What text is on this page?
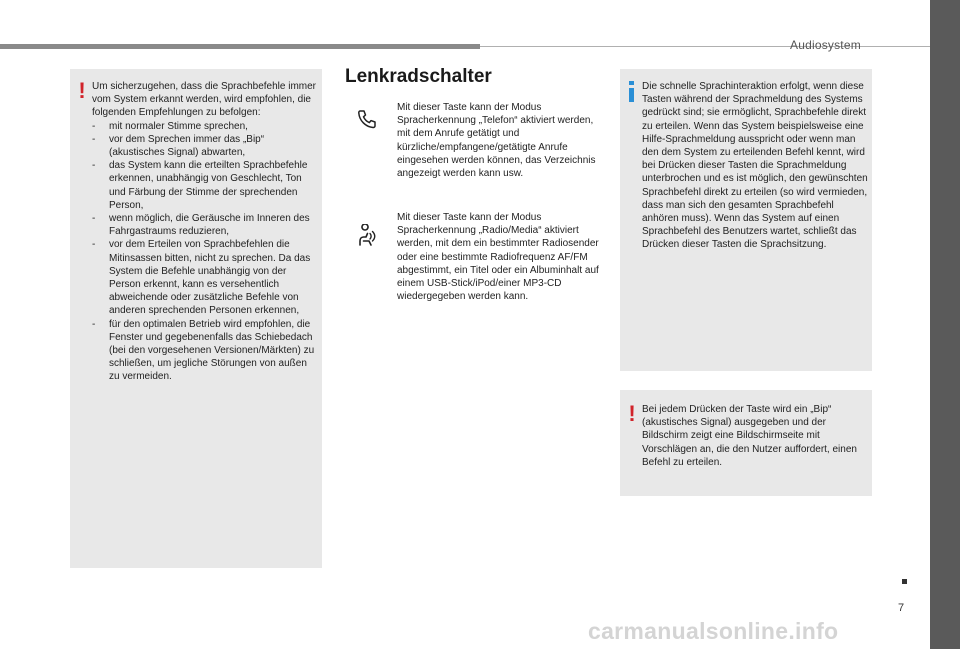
Audiosystem
! Um sicherzugehen, dass die Sprachbefehle immer vom System erkannt werden, wird empfohlen, die folgenden Empfehlungen zu befolgen:
- mit normaler Stimme sprechen,
- vor dem Sprechen immer das „Bip“ (akustisches Signal) abwarten,
- das System kann die erteilten Sprachbefehle erkennen, unabhängig von Geschlecht, Ton und Färbung der Stimme der sprechenden Person,
- wenn möglich, die Geräusche im Inneren des Fahrgastraums reduzieren,
- vor dem Erteilen von Sprachbefehlen die Mitinsassen bitten, nicht zu sprechen. Da das System die Befehle unabhängig von der Person erkennt, kann es versehentlich abweichende oder zusätzliche Befehle von anderen sprechenden Personen erkennen,
- für den optimalen Betrieb wird empfohlen, die Fenster und gegebenenfalls das Schiebedach (bei den vorgesehenen Versionen/Märkten) zu schließen, um jegliche Störungen von außen zu vermeiden.
Lenkradschalter
Mit dieser Taste kann der Modus Spracherkennung „Telefon“ aktiviert werden, mit dem Anrufe getätigt und kürzliche/empfangene/getätigte Anrufe eingesehen werden können, das Verzeichnis angezeigt werden kann usw.
Mit dieser Taste kann der Modus Spracherkennung „Radio/Media“ aktiviert werden, mit dem ein bestimmter Radiosender oder eine bestimmte Radiofrequenz AF/FM abgestimmt, ein Titel oder ein Albuminhalt auf einem USB-Stick/iPod/einer MP3-CD wiedergegeben werden kann.
Die schnelle Sprachinteraktion erfolgt, wenn diese Tasten während der Sprachmeldung des Systems gedrückt sind; sie ermöglicht, Sprachbefehle direkt zu erteilen. Wenn das System beispielsweise eine Hilfe-Sprachmeldung ausspricht oder wenn man den dem System zu erteilenden Befehl kennt, wird bei Drücken dieser Tasten die Sprachmeldung unterbrochen und es ist möglich, den gewünschten Sprachbefehl direkt zu erteilen (so wird vermieden, dass man sich den gesamten Sprachbefehl anhören muss). Wenn das System auf einen Sprachbefehl des Benutzers wartet, schließt das Drücken dieser Tasten die Sprachsitzung.
! Bei jedem Drücken der Taste wird ein „Bip“ (akustisches Signal) ausgegeben und der Bildschirm zeigt eine Bildschirmseite mit Vorschlägen an, die den Nutzer auffordert, einen Befehl zu erteilen.
7
carmanualsonline.info
